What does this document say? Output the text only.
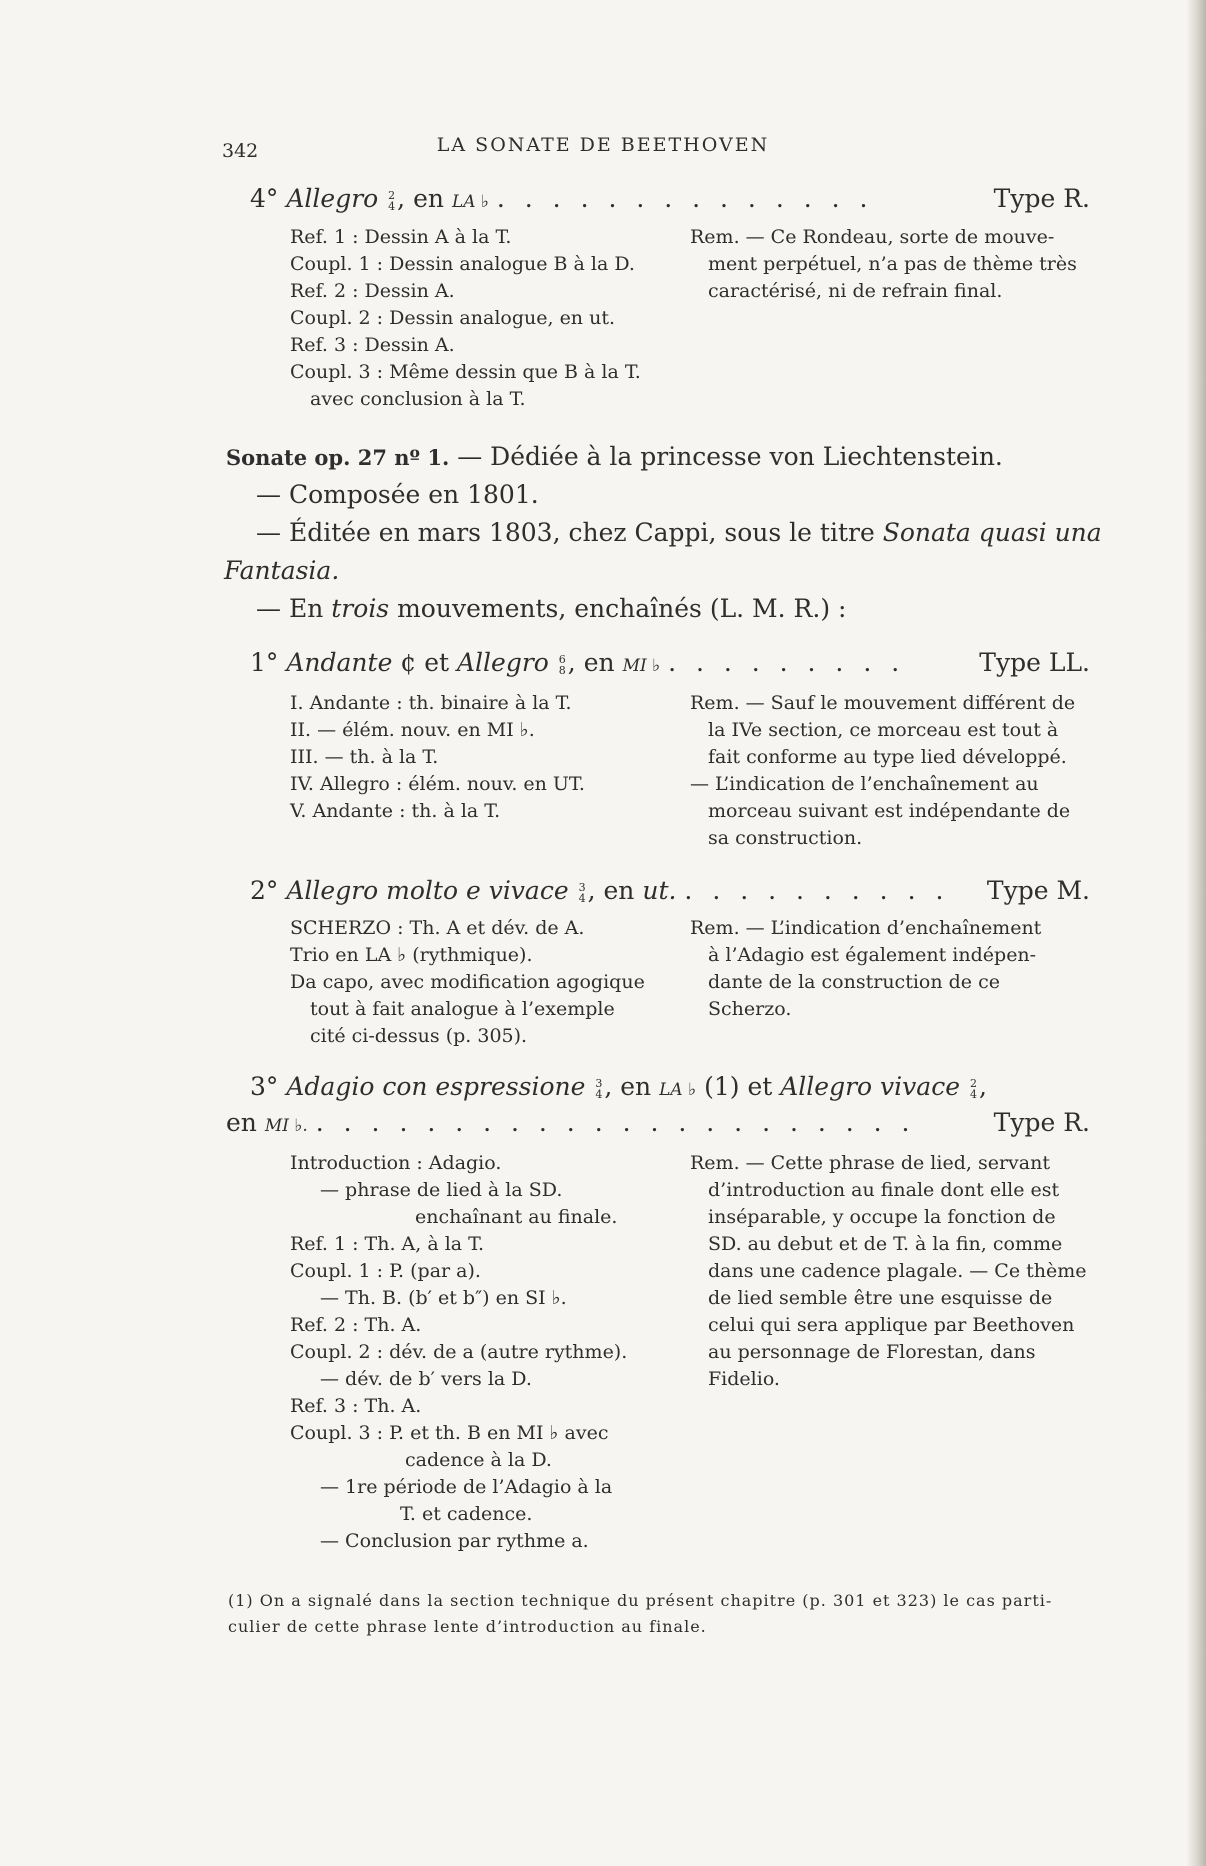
342	LA SONATE DE BEETHOVEN
4° Allegro 2
4 , en LA ♭ . . . . . . . . . . . . . .	Type R.
Ref. 1 : Dessin A à la T.
Coupl. 1 : Dessin analogue B à la D.
Ref. 2 : Dessin A.
Coupl. 2 : Dessin analogue, en ut.
Ref. 3 : Dessin A.
Coupl. 3 : Même dessin que B à la T.
avec conclusion à la T.
Rem. — Ce Rondeau, sorte de mouve-
ment perpétuel, n’a pas de thème très
caractérisé, ni de refrain final.
Sonate op. 27 nº 1. — Dédiée à la princesse von Liechtenstein.
— Composée en 1801.
— Éditée en mars 1803, chez Cappi, sous le titre Sonata quasi una
Fantasia.
— En trois mouvements, enchaînés (L. M. R.) :
1° Andante ¢ et Allegro 6
8 , en MI ♭ . . . . . . . . .	Type LL.
I. Andante : th. binaire à la T.
II. — élém. nouv. en MI ♭.
III. — th. à la T.
IV. Allegro : élém. nouv. en UT.
V. Andante : th. à la T.
Rem. — Sauf le mouvement différent de
la IVe section, ce morceau est tout à
fait conforme au type lied développé.
— L’indication de l’enchaînement au
morceau suivant est indépendante de
sa construction.
2° Allegro molto e vivace 3
4 , en ut. . . . . . . . . . . Type M.
SCHERZO : Th. A et dév. de A.
Trio en LA ♭ (rythmique).
Da capo, avec modification agogique
tout à fait analogue à l’exemple
cité ci-dessus (p. 305).
Rem. — L’indication d’enchaînement
à l’Adagio est également indépen-
dante de la construction de ce
Scherzo.
3° Adagio con espressione 3
4 , en LA ♭ (1) et Allegro vivace 2
4 ,
en MI ♭. . . . . . . . . . . . . . . . . . . . . . .	Type R.
Introduction : Adagio.
— phrase de lied à la SD.
enchaînant au finale.
Ref. 1 : Th. A, à la T.
Coupl. 1 : P. (par a).
— Th. B. (b′ et b″) en SI ♭.
Ref. 2 : Th. A.
Coupl. 2 : dév. de a (autre rythme).
— dév. de b′ vers la D.
Ref. 3 : Th. A.
Coupl. 3 : P. et th. B en MI ♭ avec
cadence à la D.
— 1re période de l’Adagio à la
T. et cadence.
— Conclusion par rythme a.
Rem. — Cette phrase de lied, servant
d’introduction au finale dont elle est
inséparable, y occupe la fonction de
SD. au debut et de T. à la fin, comme
dans une cadence plagale. — Ce thème
de lied semble être une esquisse de
celui qui sera applique par Beethoven
au personnage de Florestan, dans
Fidelio.
(1) On a signalé dans la section technique du présent chapitre (p. 301 et 323) le cas parti-
culier de cette phrase lente d’introduction au finale.
